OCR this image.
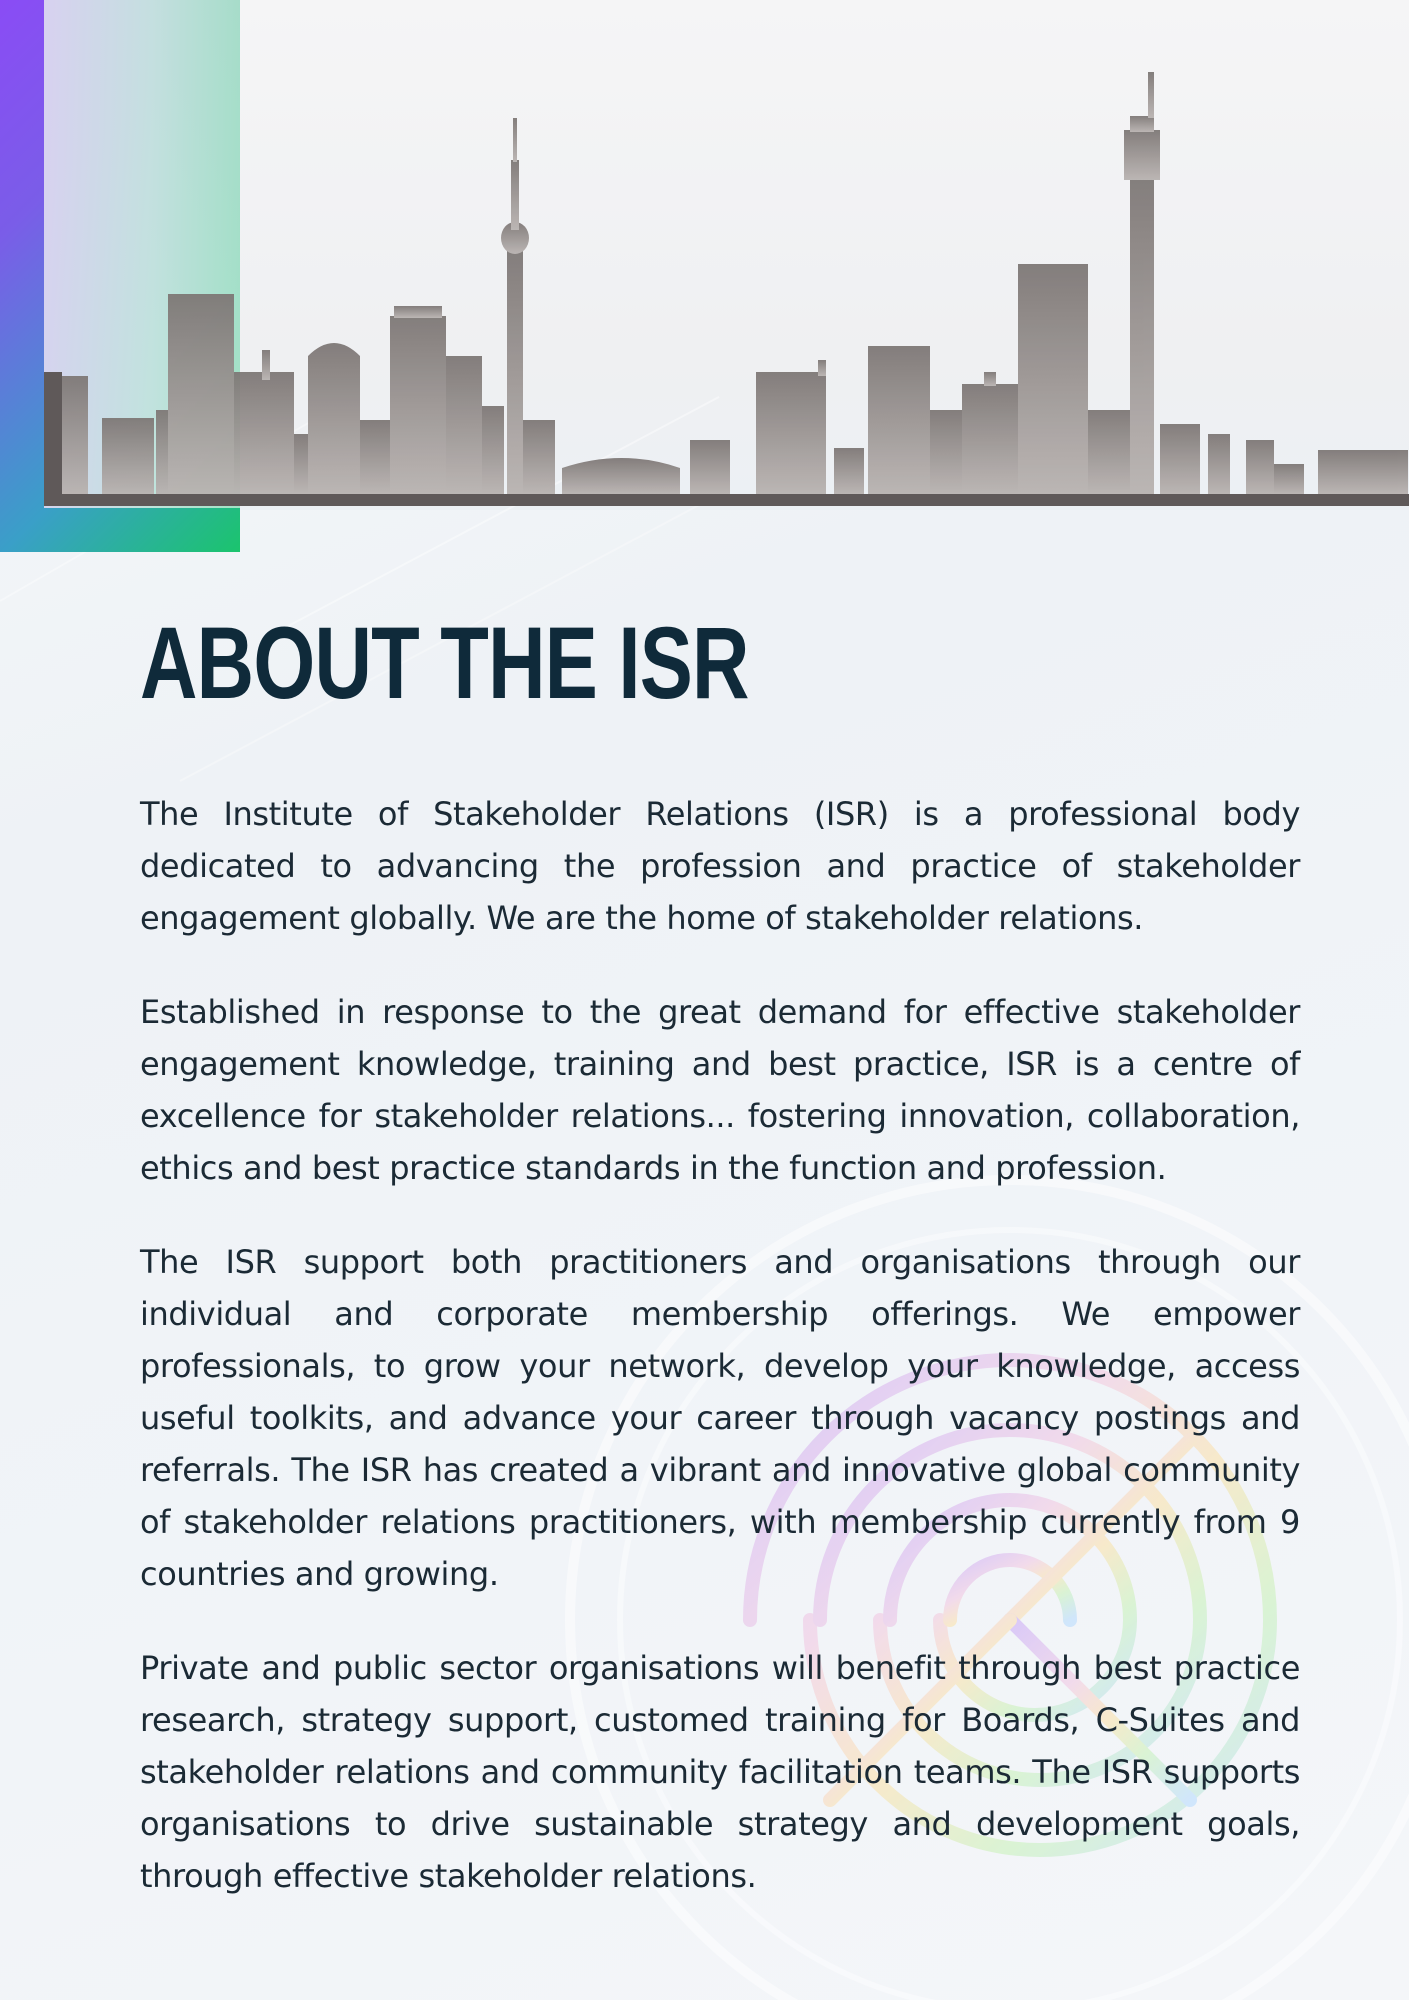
ABOUT THE ISR

The Institute of Stakeholder Relations (ISR) is a professional body dedicated to advancing the profession and practice of stakeholder engagement globally. We are the home of stakeholder relations.

Established in response to the great demand for effective stakeholder engagement knowledge, training and best practice, ISR is a centre of excellence for stakeholder relations... fostering innovation, collaboration, ethics and best practice standards in the function and profession.

The ISR support both practitioners and organisations through our individual and corporate membership offerings. We empower professionals, to grow your network, develop your knowledge, access useful toolkits, and advance your career through vacancy postings and referrals. The ISR has created a vibrant and innovative global community of stakeholder relations practitioners, with membership currently from 9 countries and growing.

Private and public sector organisations will benefit through best practice research, strategy support, customed training for Boards, C-Suites and stakeholder relations and community facilitation teams. The ISR supports organisations to drive sustainable strategy and development goals, through effective stakeholder relations.
